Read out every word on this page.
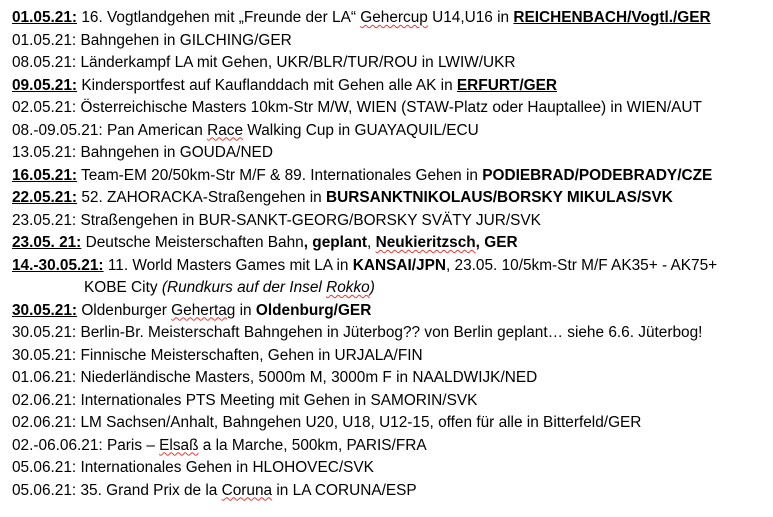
01.05.21: 16. Vogtlandgehen mit „Freunde der LA“ Gehercup U14,U16 in REICHENBACH/Vogtl./GER
01.05.21: Bahngehen in GILCHING/GER
08.05.21: Länderkampf LA mit Gehen, UKR/BLR/TUR/ROU in LWIW/UKR
09.05.21: Kindersportfest auf Kauflanddach mit Gehen alle AK in ERFURT/GER
02.05.21: Österreichische Masters 10km-Str M/W, WIEN (STAW-Platz oder Hauptallee) in WIEN/AUT
08.-09.05.21: Pan American Race Walking Cup in GUAYAQUIL/ECU
13.05.21: Bahngehen in GOUDA/NED
16.05.21: Team-EM 20/50km-Str M/F & 89. Internationales Gehen in PODIEBRAD/PODEBRADY/CZE
22.05.21: 52. ZAHORACKA-Straßengehen in BURSANKTNIKOLAUS/BORSKY MIKULAS/SVK
23.05.21: Straßengehen in BUR-SANKT-GEORG/BORSKY SVÄTY JUR/SVK
23.05. 21: Deutsche Meisterschaften Bahn, geplant, Neukieritzsch, GER
14.-30.05.21: 11. World Masters Games mit LA in KANSAI/JPN, 23.05. 10/5km-Str M/F AK35+ - AK75+
KOBE City (Rundkurs auf der Insel Rokko)
30.05.21: Oldenburger Gehertag in Oldenburg/GER
30.05.21: Berlin-Br. Meisterschaft Bahngehen in Jüterbog?? von Berlin geplant… siehe 6.6. Jüterbog!
30.05.21: Finnische Meisterschaften, Gehen in URJALA/FIN
01.06.21: Niederländische Masters, 5000m M, 3000m F in NAALDWIJK/NED
02.06.21: Internationales PTS Meeting mit Gehen in SAMORIN/SVK
02.06.21: LM Sachsen/Anhalt, Bahngehen U20, U18, U12-15, offen für alle in Bitterfeld/GER
02.-06.06.21: Paris – Elsaß a la Marche, 500km, PARIS/FRA
05.06.21: Internationales Gehen in HLOHOVEC/SVK
05.06.21: 35. Grand Prix de la Coruna in LA CORUNA/ESP
